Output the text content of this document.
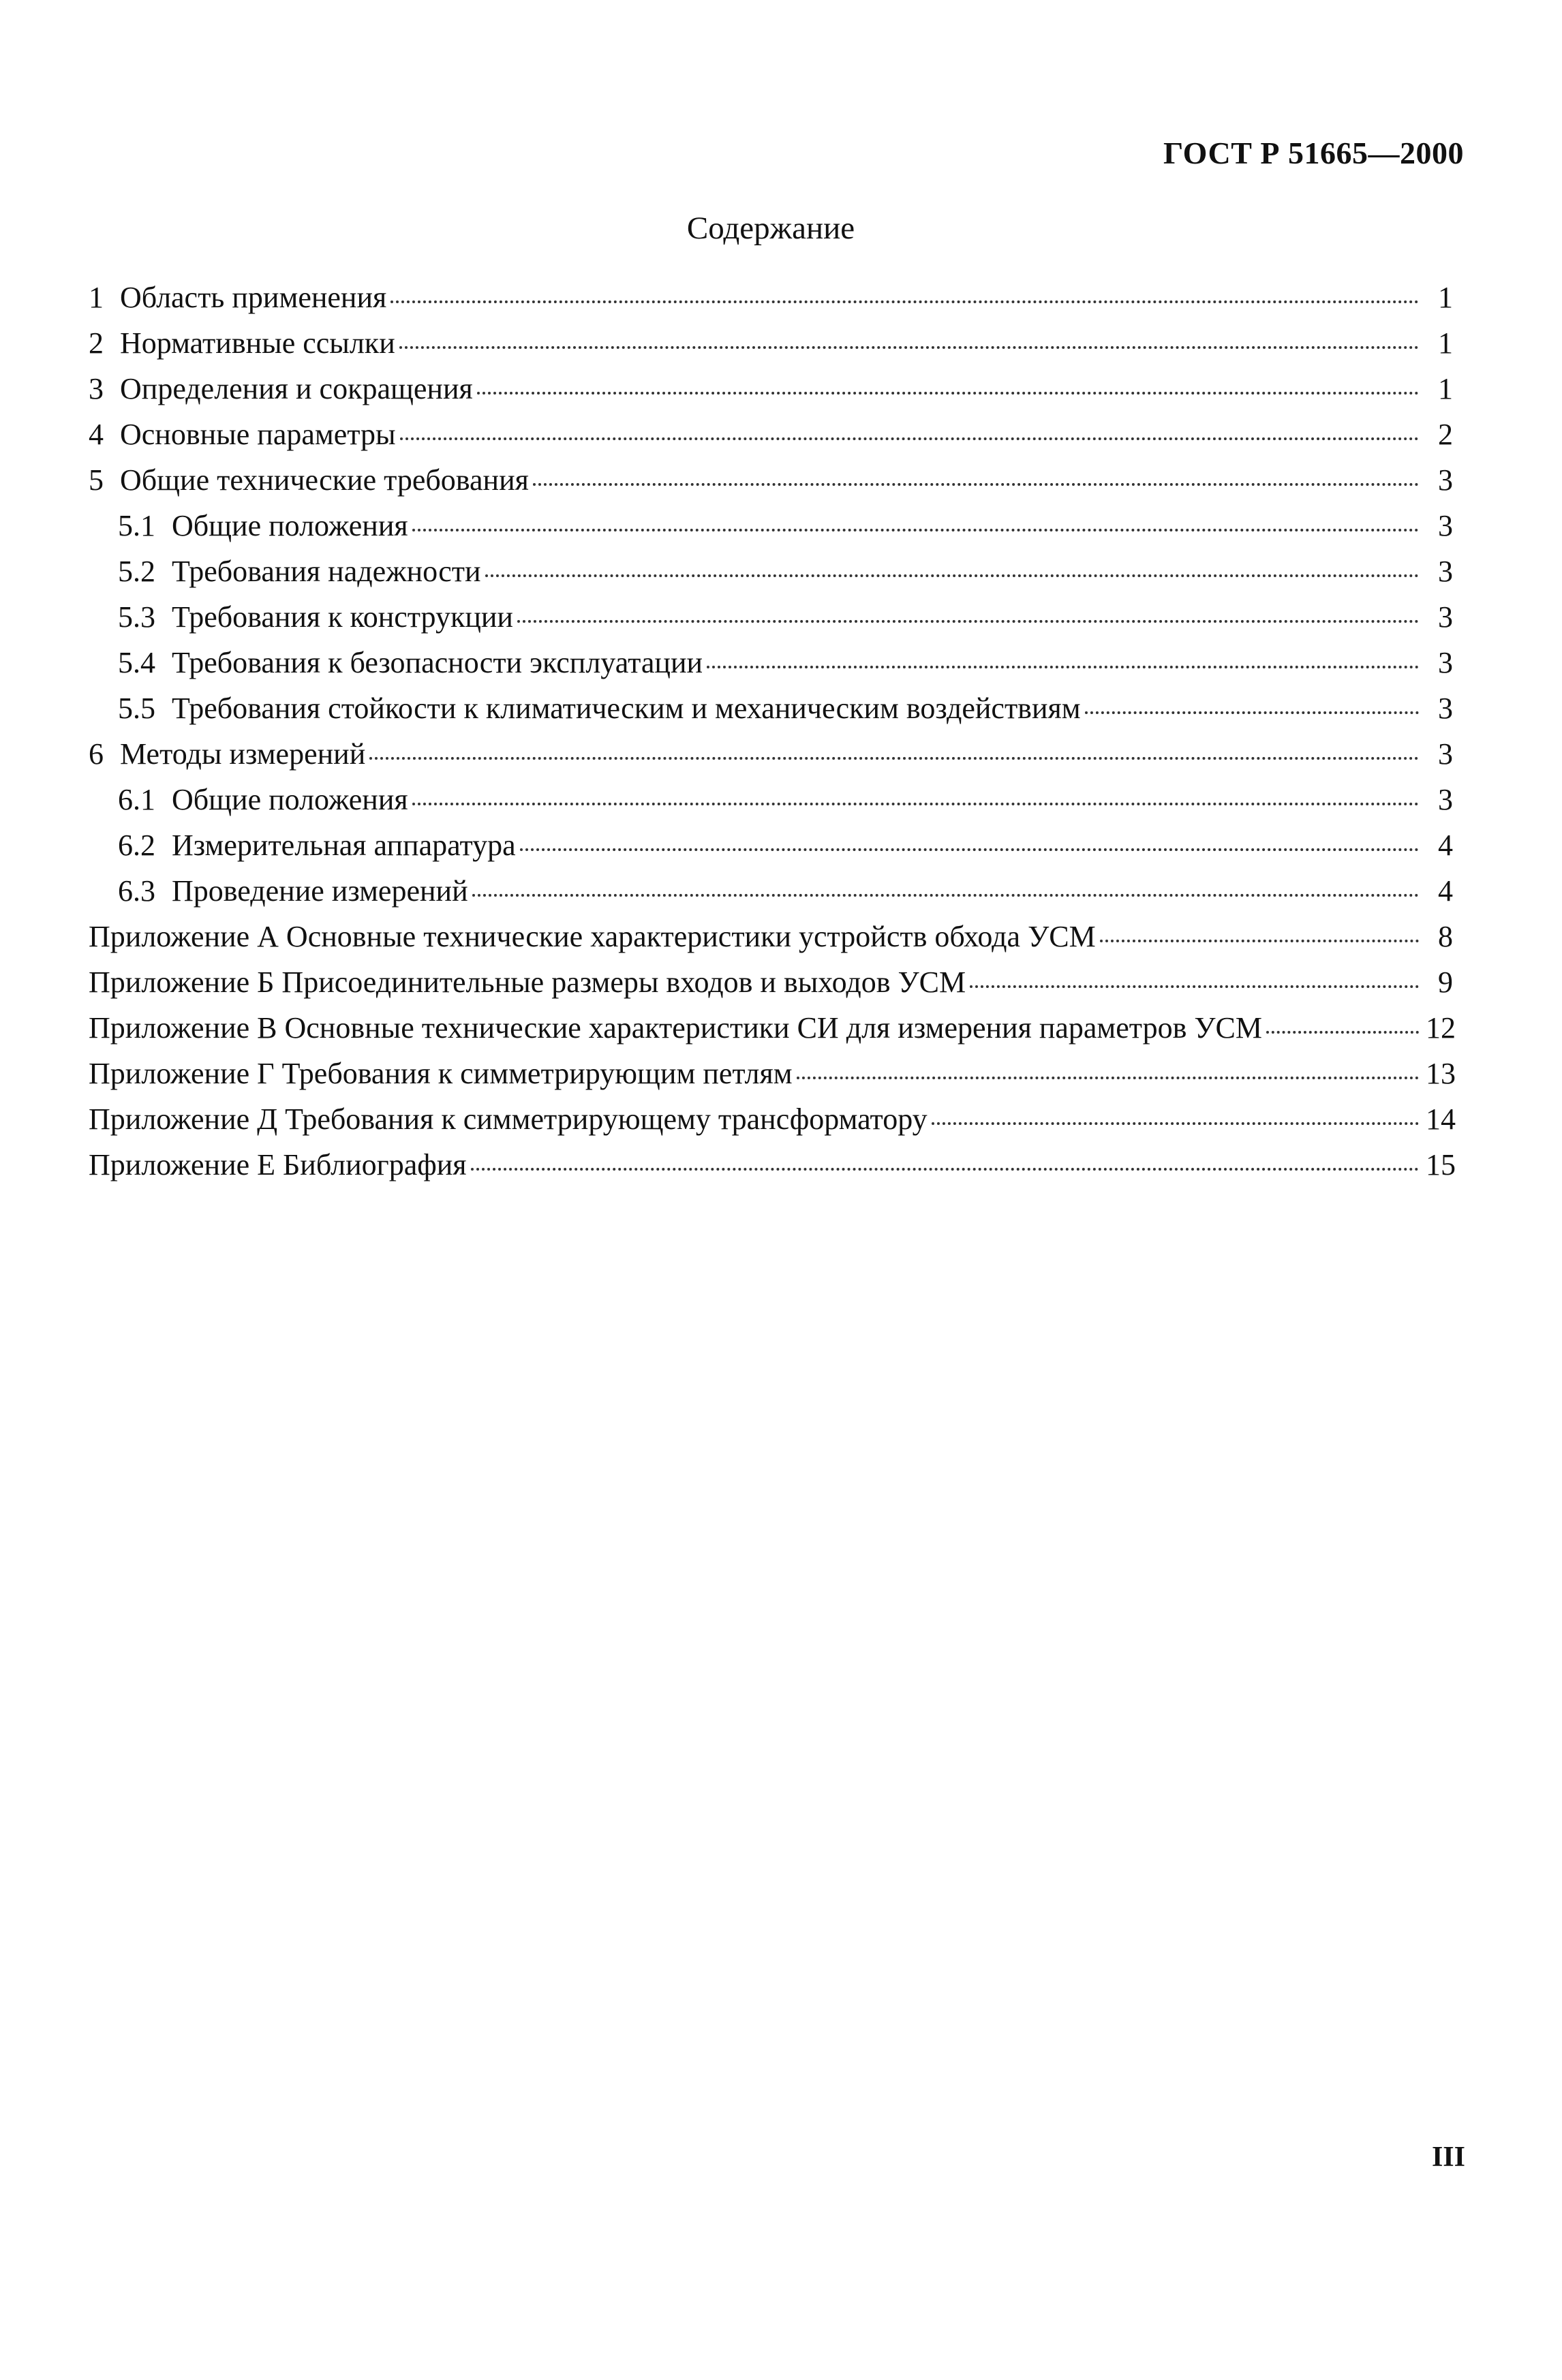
ГОСТ Р 51665—2000
Содержание
1 Область применения	1
2 Нормативные ссылки	1
3 Определения и сокращения	1
4 Основные параметры	2
5 Общие технические требования	3
5.1 Общие положения	3
5.2 Требования надежности	3
5.3 Требования к конструкции	3
5.4 Требования к безопасности эксплуатации	3
5.5 Требования стойкости к климатическим и механическим воздействиям	3
6 Методы измерений	3
6.1 Общие положения	3
6.2 Измерительная аппаратура	4
6.3 Проведение измерений	4
Приложение А Основные технические характеристики устройств обхода УСМ	8
Приложение Б Присоединительные размеры входов и выходов УСМ	9
Приложение В Основные технические характеристики СИ для измерения параметров УСМ	12
Приложение Г Требования к симметрирующим петлям	13
Приложение Д Требования к симметрирующему трансформатору	14
Приложение Е Библиография	15
III
